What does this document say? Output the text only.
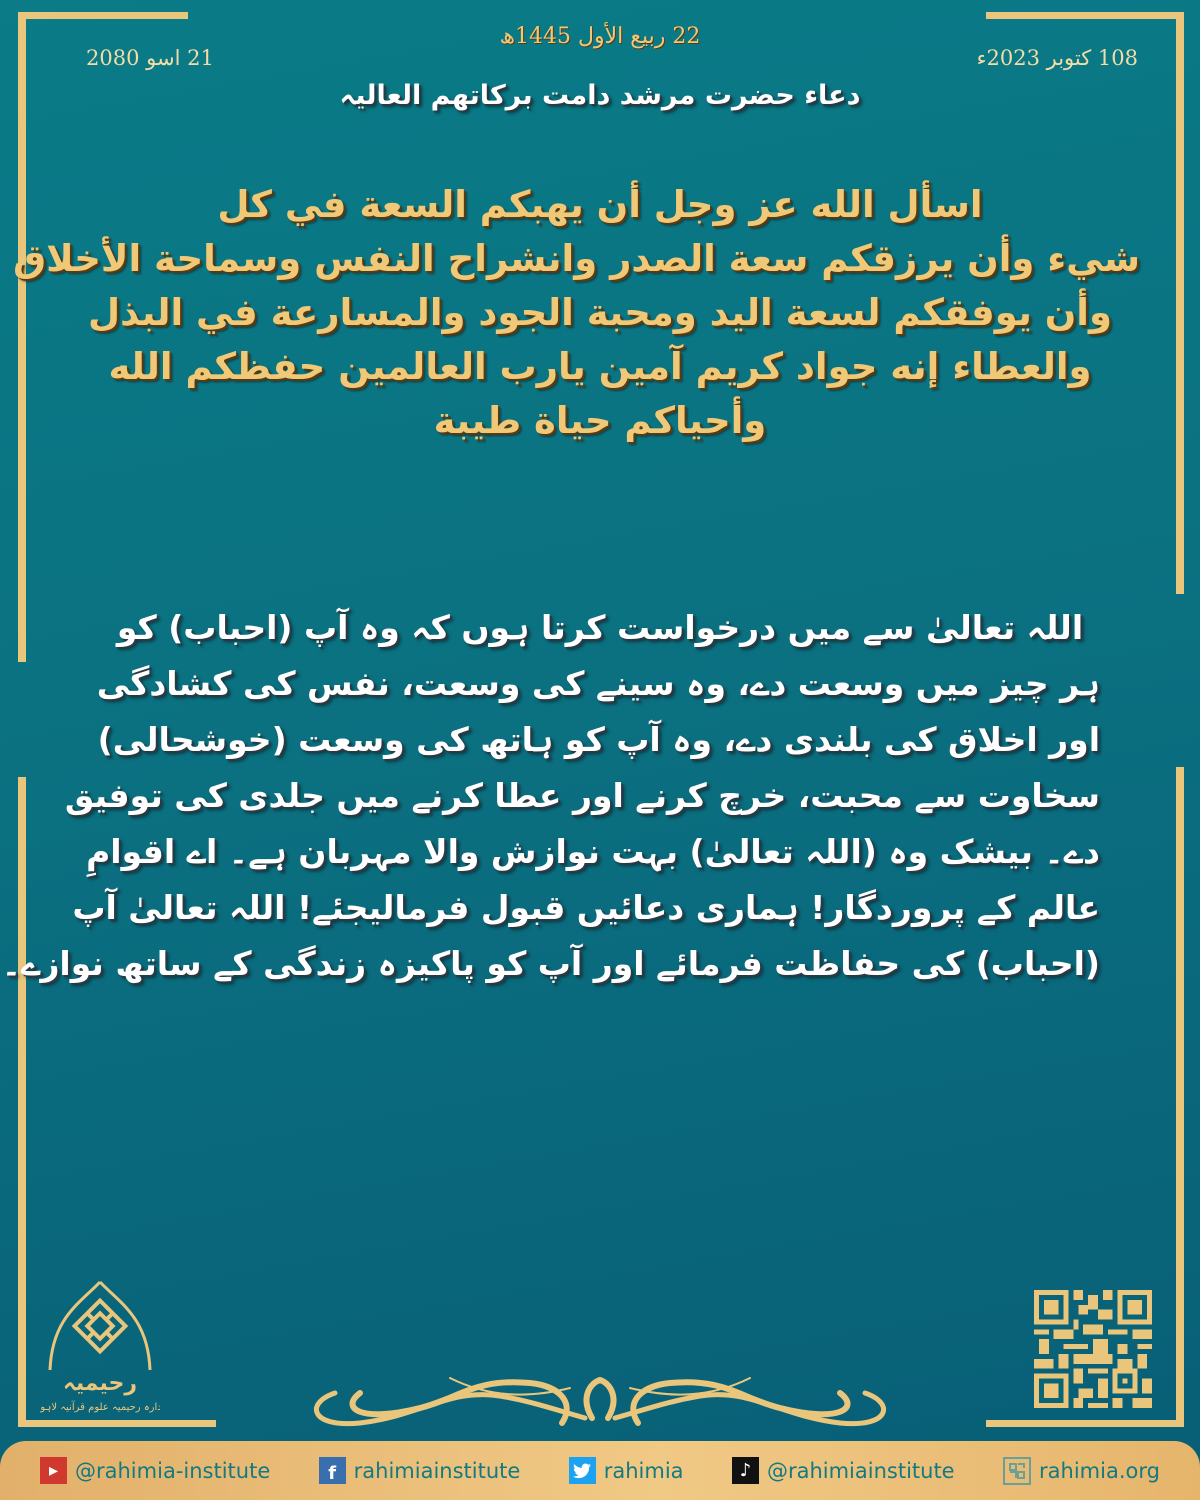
108 کتوبر 2023ء
21 اسو 2080
22 ربیع الأول 1445ھ
دعاء حضرت مرشد دامت برکاتھم العالیہ
اسأل الله عز وجل أن يهبكم السعة في كل
شيء وأن يرزقكم سعة الصدر وانشراح النفس وسماحة الأخلاق
وأن يوفقكم لسعة اليد ومحبة الجود والمسارعة في البذل
والعطاء إنه جواد كريم آمين يارب العالمين حفظكم الله
وأحياكم حياة طيبة
اللہ تعالیٰ سے میں درخواست کرتا ہوں کہ وہ آپ (احباب) کو
ہر چیز میں وسعت دے، وہ سینے کی وسعت، نفس کی کشادگی
اور اخلاق کی بلندی دے، وہ آپ کو ہاتھ کی وسعت (خوشحالی)
سخاوت سے محبت، خرچ کرنے اور عطا کرنے میں جلدی کی توفیق
دے۔ بیشک وہ (اللہ تعالیٰ) بہت نوازش والا مہربان ہے۔ اے اقوامِ
عالم کے پروردگار! ہماری دعائیں قبول فرمالیجئے! اللہ تعالیٰ آپ
(احباب) کی حفاظت فرمائے اور آپ کو پاکیزہ زندگی کے ساتھ نوازے۔
رحیمیہ
ادارہ رحیمیہ علوم قرآنیہ لاہور
▸ @rahimia-institute	f rahimiainstitute	rahimia	♪ @rahimiainstitute	rahimia.org
